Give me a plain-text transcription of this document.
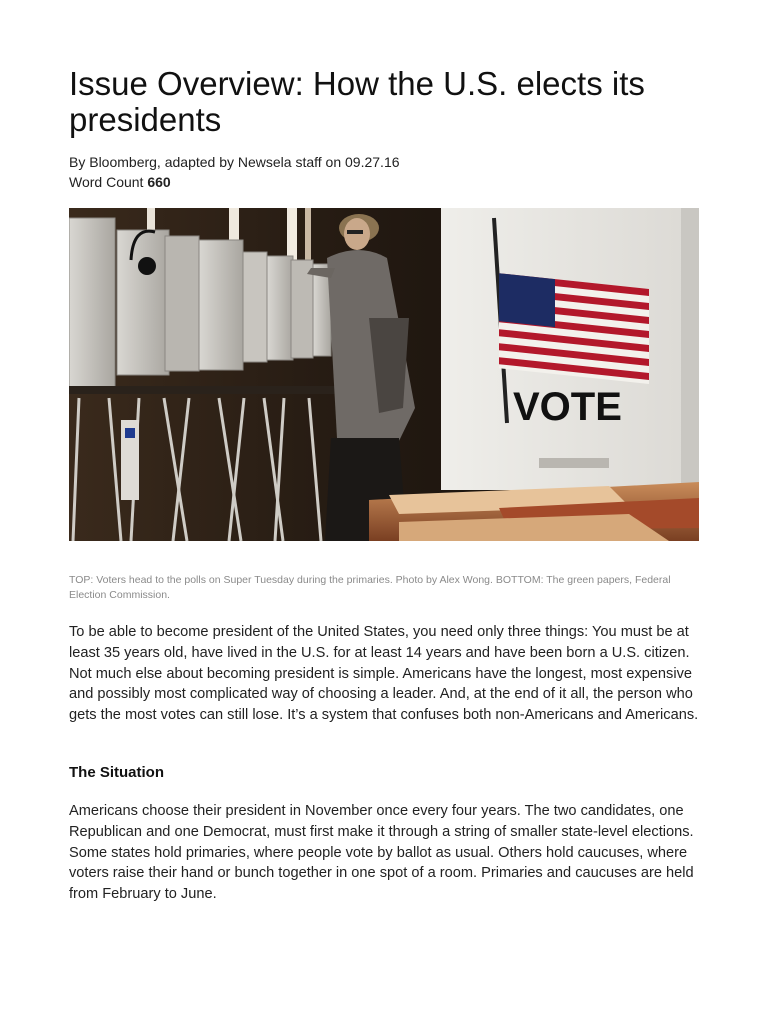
Issue Overview: How the U.S. elects its presidents
By Bloomberg, adapted by Newsela staff on 09.27.16
Word Count 660
VOTE
TOP: Voters head to the polls on Super Tuesday during the primaries. Photo by Alex Wong. BOTTOM: The green papers, Federal Election Commission.

To be able to become president of the United States, you need only three things: You must be at least 35 years old, have lived in the U.S. for at least 14 years and have been born a U.S. citizen. Not much else about becoming president is simple. Americans have the longest, most expensive and possibly most complicated way of choosing a leader. And, at the end of it all, the person who gets the most votes can still lose. It’s a system that confuses both non-Americans and Americans.

The Situation

Americans choose their president in November once every four years. The two candidates, one Republican and one Democrat, must first make it through a string of smaller state-level elections. Some states hold primaries, where people vote by ballot as usual. Others hold caucuses, where voters raise their hand or bunch together in one spot of a room. Primaries and caucuses are held from February to June.
